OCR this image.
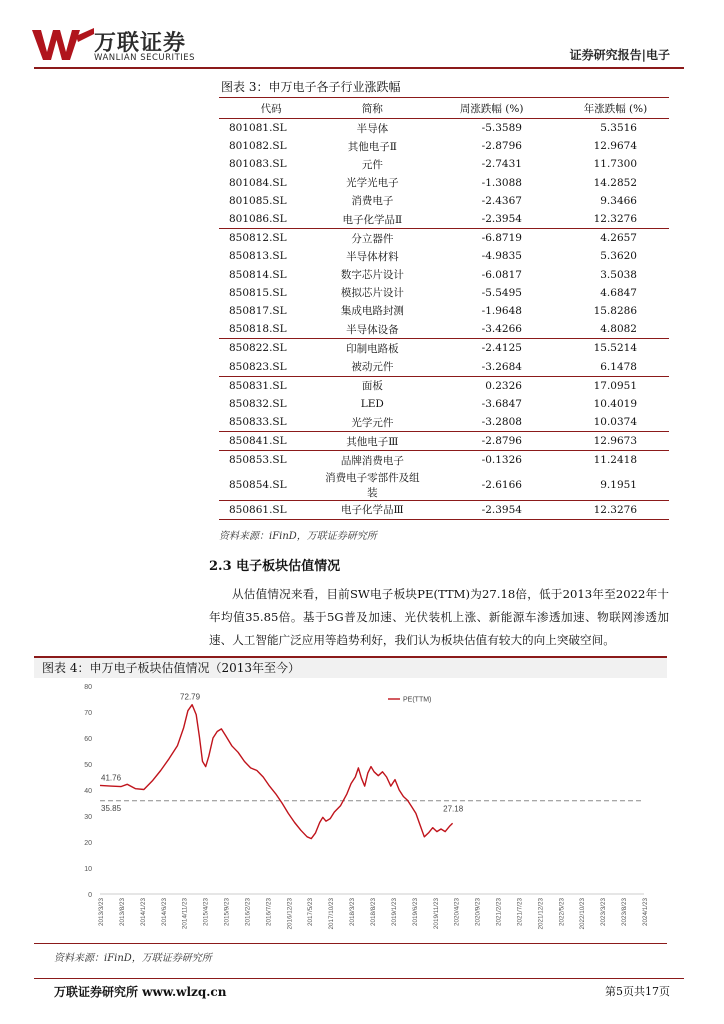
万联证券
WANLIAN SECURITIES	证券研究报告|电子
图表 3：申万电子各子行业涨跌幅
代码	简称	周涨跌幅 (%)	年涨跌幅 (%)
801081.SL	半导体	-5.3589	5.3516
801082.SL	其他电子Ⅱ	-2.8796	12.9674
801083.SL	元件	-2.7431	11.7300
801084.SL	光学光电子	-1.3088	14.2852
801085.SL	消费电子	-2.4367	9.3466
801086.SL	电子化学品Ⅱ	-2.3954	12.3276
850812.SL	分立器件	-6.8719	4.2657
850813.SL	半导体材料	-4.9835	5.3620
850814.SL	数字芯片设计	-6.0817	3.5038
850815.SL	模拟芯片设计	-5.5495	4.6847
850817.SL	集成电路封测	-1.9648	15.8286
850818.SL	半导体设备	-3.4266	4.8082
850822.SL	印制电路板	-2.4125	15.5214
850823.SL	被动元件	-3.2684	6.1478
850831.SL	面板	0.2326	17.0951
850832.SL	LED	-3.6847	10.4019
850833.SL	光学元件	-3.2808	10.0374
850841.SL	其他电子Ⅲ	-2.8796	12.9673
850853.SL	品牌消费电子	-0.1326	11.2418
850854.SL	消费电子零部件及组装	-2.6166	9.1951
850861.SL	电子化学品Ⅲ	-2.3954	12.3276
资料来源：iFinD，万联证券研究所
2.3 电子板块估值情况
从估值情况来看，目前SW电子板块PE(TTM)为27.18倍，低于2013年至2022年十年均值35.85倍。基于5G普及加速、光伏装机上涨、新能源车渗透加速、物联网渗透加速、人工智能广泛应用等趋势利好，我们认为板块估值有较大的向上突破空间。
图表 4：申万电子板块估值情况（2013年至今）
0
10
20
30
40
50
60
70
80
2013/3/23 2013/8/23 2014/1/23 2014/6/23 2014/11/23 2015/4/23 2015/9/23 2016/2/23 2016/7/23 2016/12/23 2017/5/23 2017/10/23 2018/3/23 2018/8/23 2019/1/23 2019/6/23 2019/11/23 2020/4/23 2020/9/23 2021/2/23 2021/7/23 2021/12/23 2022/5/23 2022/10/23 2023/3/23 2023/8/23 2024/1/23
PE(TTM)
41.76
72.79
35.85	27.18
资料来源：iFinD，万联证券研究所
万联证券研究所 www.wlzq.cn	第5页共17页
